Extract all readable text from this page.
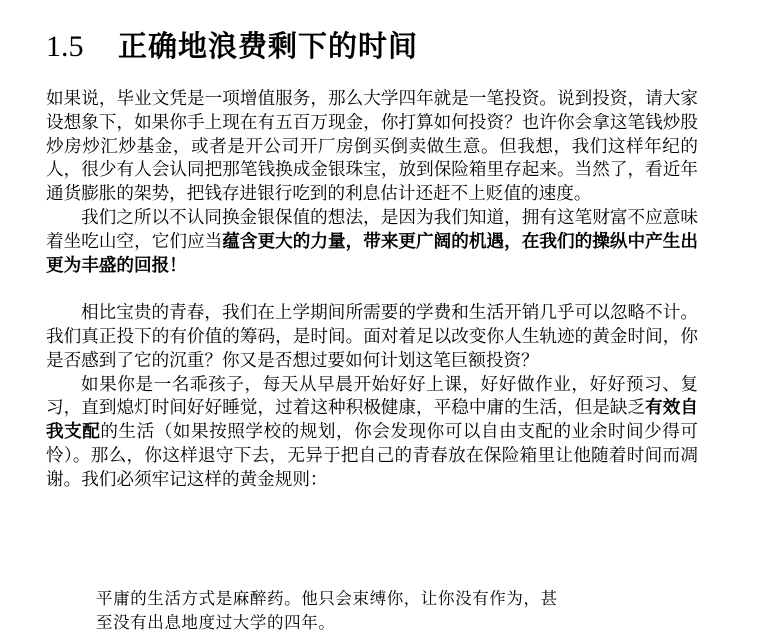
1.5	正确地浪费剩下的时间

如果说，毕业文凭是一项增值服务，那么大学四年就是一笔投资。说到投资，请大家设想象下，如果你手上现在有五百万现金，你打算如何投资？也许你会拿这笔钱炒股炒房炒汇炒基金，或者是开公司开厂房倒买倒卖做生意。但我想，我们这样年纪的人，很少有人会认同把那笔钱换成金银珠宝，放到保险箱里存起来。当然了，看近年通货膨胀的架势，把钱存进银行吃到的利息估计还赶不上贬值的速度。

我们之所以不认同换金银保值的想法，是因为我们知道，拥有这笔财富不应意味着坐吃山空，它们应当蕴含更大的力量，带来更广阔的机遇，在我们的操纵中产生出更为丰盛的回报！

相比宝贵的青春，我们在上学期间所需要的学费和生活开销几乎可以忽略不计。我们真正投下的有价值的筹码，是时间。面对着足以改变你人生轨迹的黄金时间，你是否感到了它的沉重？你又是否想过要如何计划这笔巨额投资？

如果你是一名乖孩子，每天从早晨开始好好上课，好好做作业，好好预习、复习，直到熄灯时间好好睡觉，过着这种积极健康，平稳中庸的生活，但是缺乏有效自我支配的生活（如果按照学校的规划，你会发现你可以自由支配的业余时间少得可怜）。那么，你这样退守下去，无异于把自己的青春放在保险箱里让他随着时间而凋谢。我们必须牢记这样的黄金规则：

平庸的生活方式是麻醉药。他只会束缚你，让你没有作为，甚
至没有出息地度过大学的四年。
